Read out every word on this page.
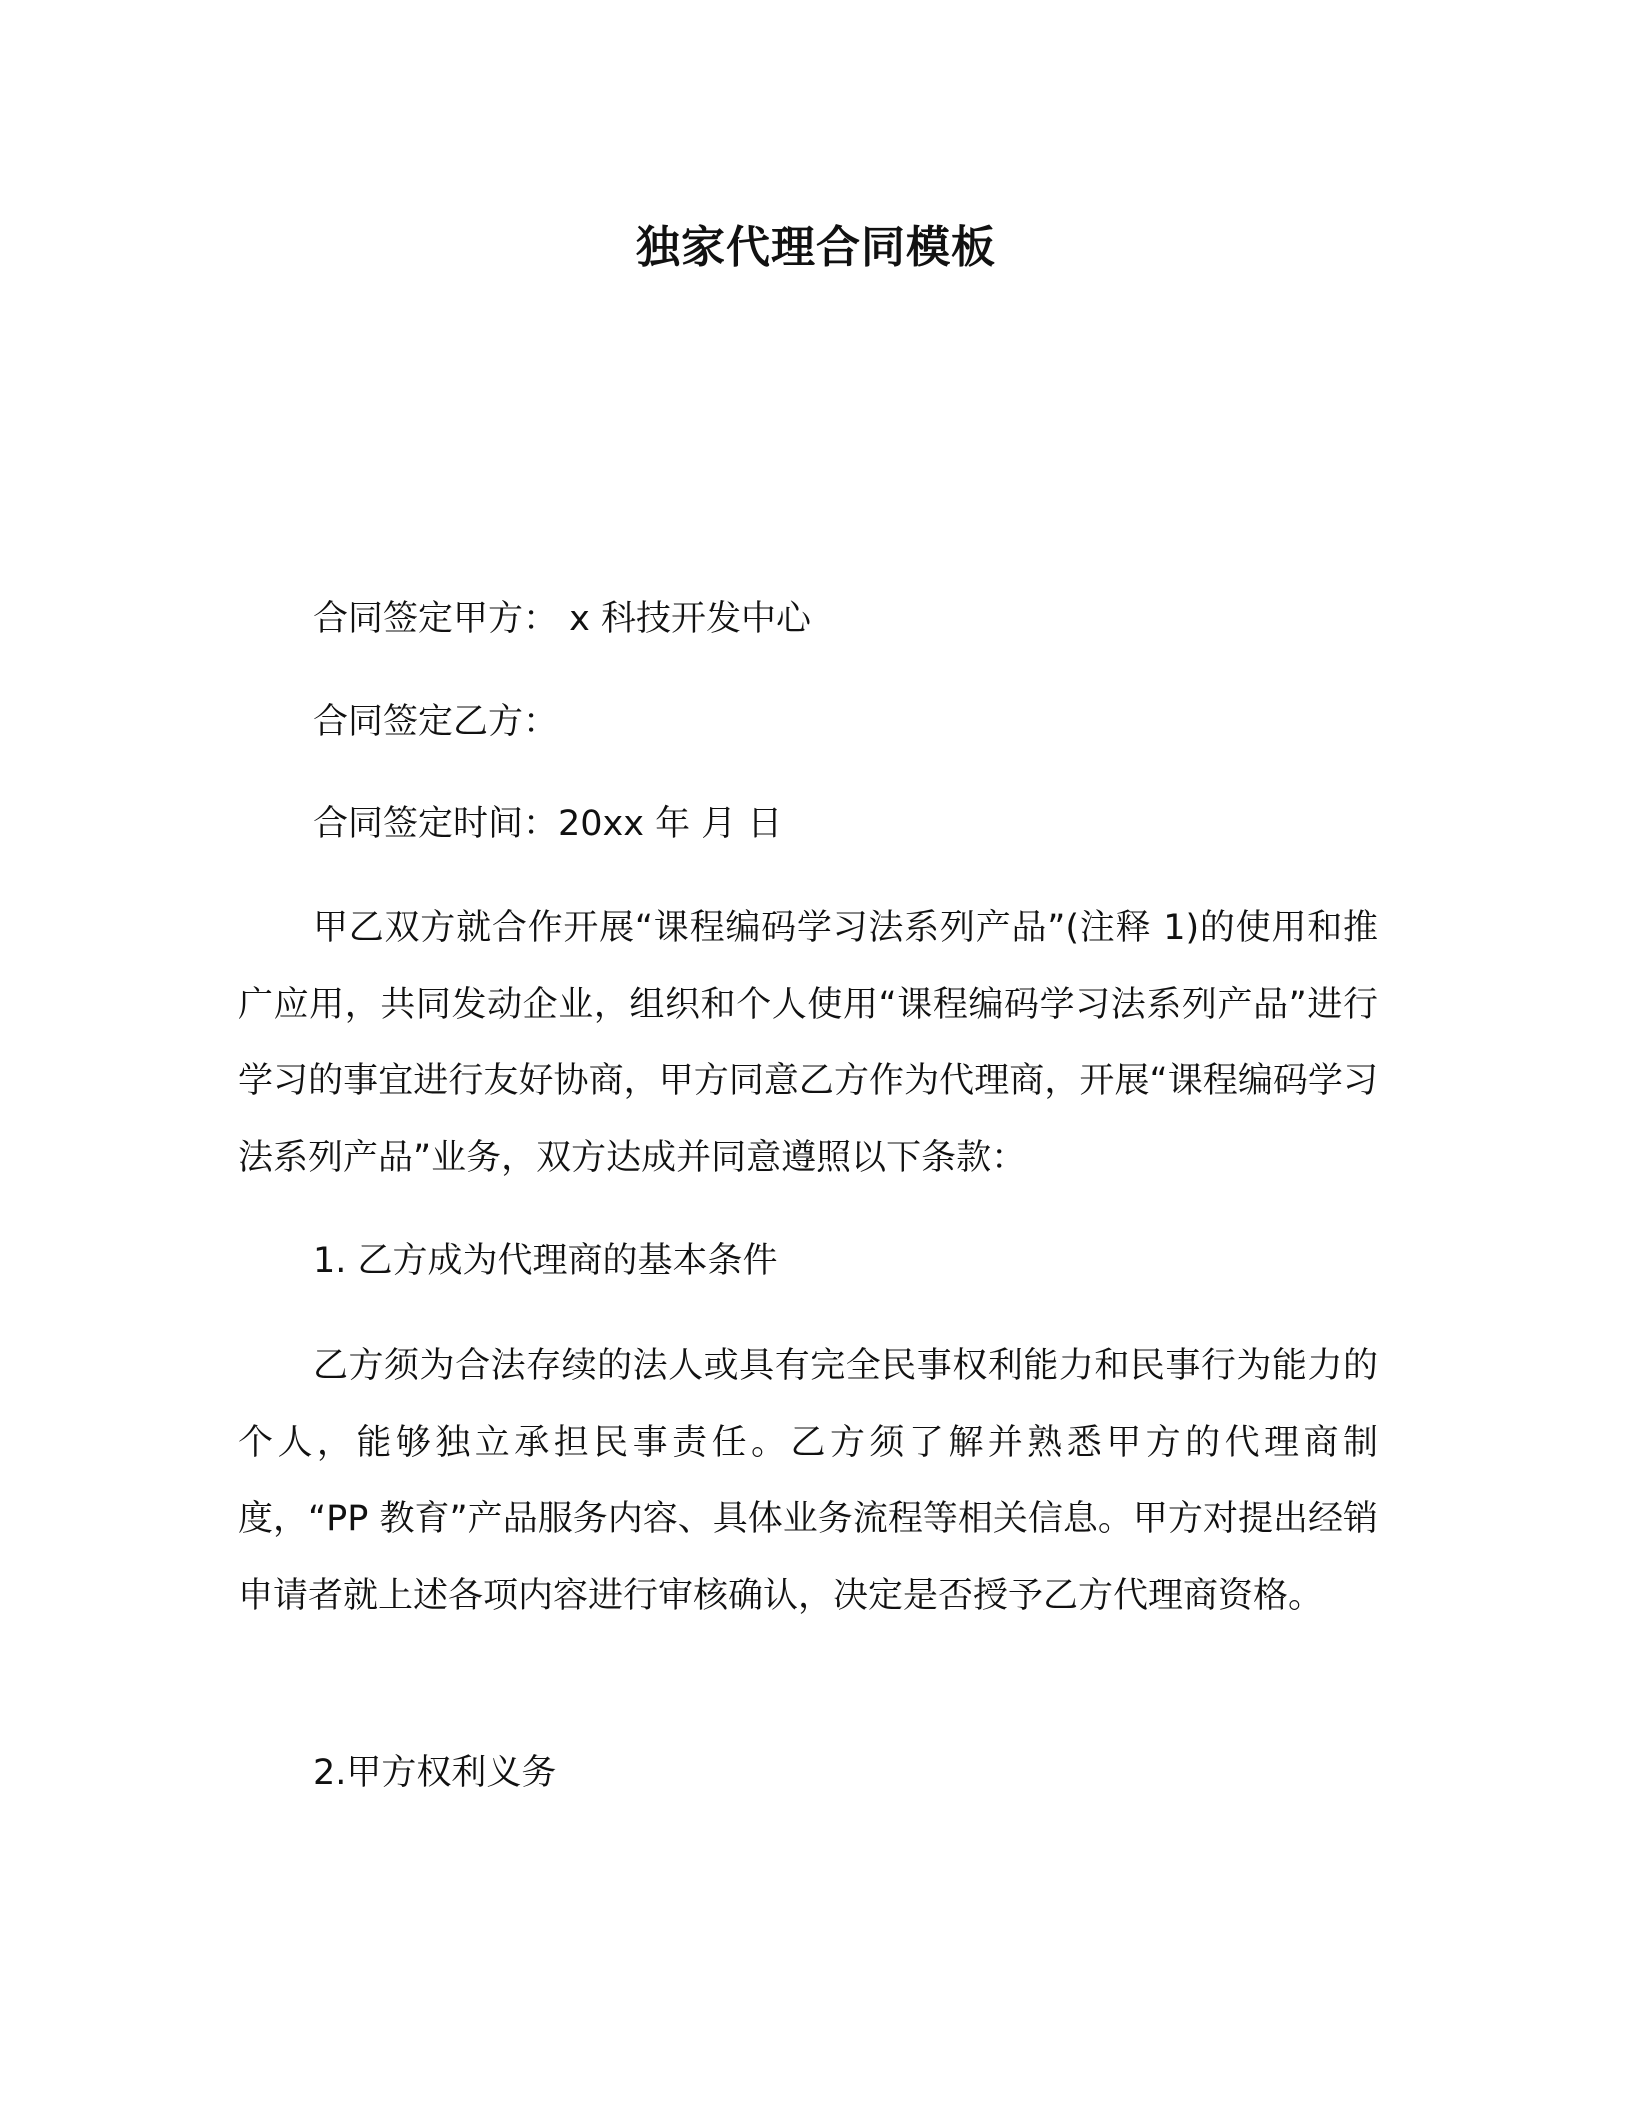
独家代理合同模板
合同签定甲方： x 科技开发中心
合同签定乙方：
合同签定时间：20xx 年 月 日
甲乙双方就合作开展“课程编码学习法系列产品”(注释 1)的使用和推广应用，共同发动企业，组织和个人使用“课程编码学习法系列产品”进行学习的事宜进行友好协商，甲方同意乙方作为代理商，开展“课程编码学习法系列产品”业务，双方达成并同意遵照以下条款：
1. 乙方成为代理商的基本条件
乙方须为合法存续的法人或具有完全民事权利能力和民事行为能力的个人，能够独立承担民事责任。乙方须了解并熟悉甲方的代理商制度，“PP 教育”产品服务内容、具体业务流程等相关信息。甲方对提出经销申请者就上述各项内容进行审核确认，决定是否授予乙方代理商资格。
2.甲方权利义务
